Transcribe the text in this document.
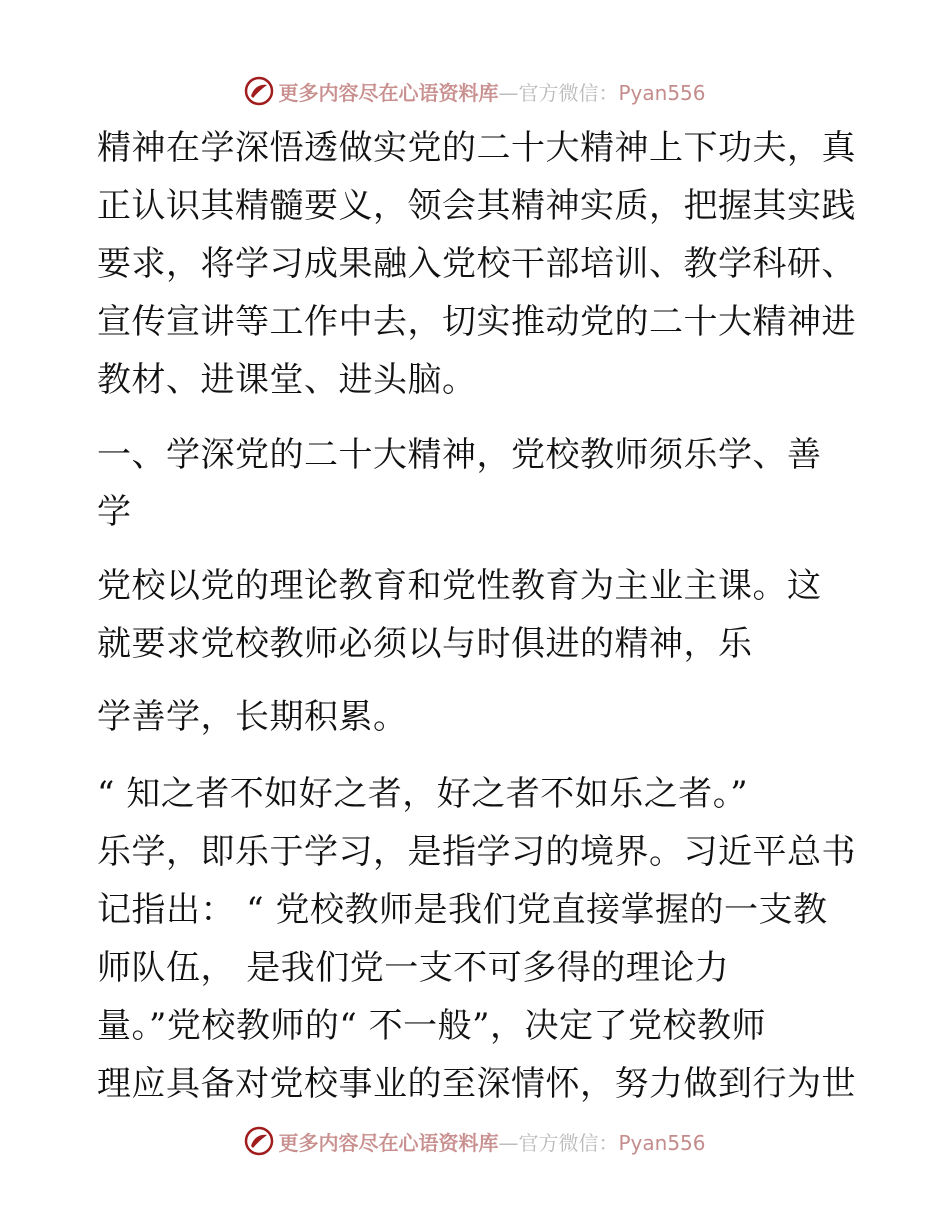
更多内容尽在心语资料库—官方微信：Pyan556
精神在学深悟透做实党的二十大精神上下功夫，真
正认识其精髓要义，领会其精神实质，把握其实践
要求，将学习成果融入党校干部培训、教学科研、
宣传宣讲等工作中去，切实推动党的二十大精神进
教材、进课堂、进头脑。
一、学深党的二十大精神，党校教师须乐学、善
学
党校以党的理论教育和党性教育为主业主课。这
就要求党校教师必须以与时俱进的精神，乐
学善学，长期积累。
“ 知之者不如好之者，好之者不如乐之者。”
乐学，即乐于学习，是指学习的境界。习近平总书
记指出： “ 党校教师是我们党直接掌握的一支教
师队伍， 是我们党一支不可多得的理论力
量。”党校教师的“ 不一般”，决定了党校教师
理应具备对党校事业的至深情怀，努力做到行为世
更多内容尽在心语资料库—官方微信：Pyan556
